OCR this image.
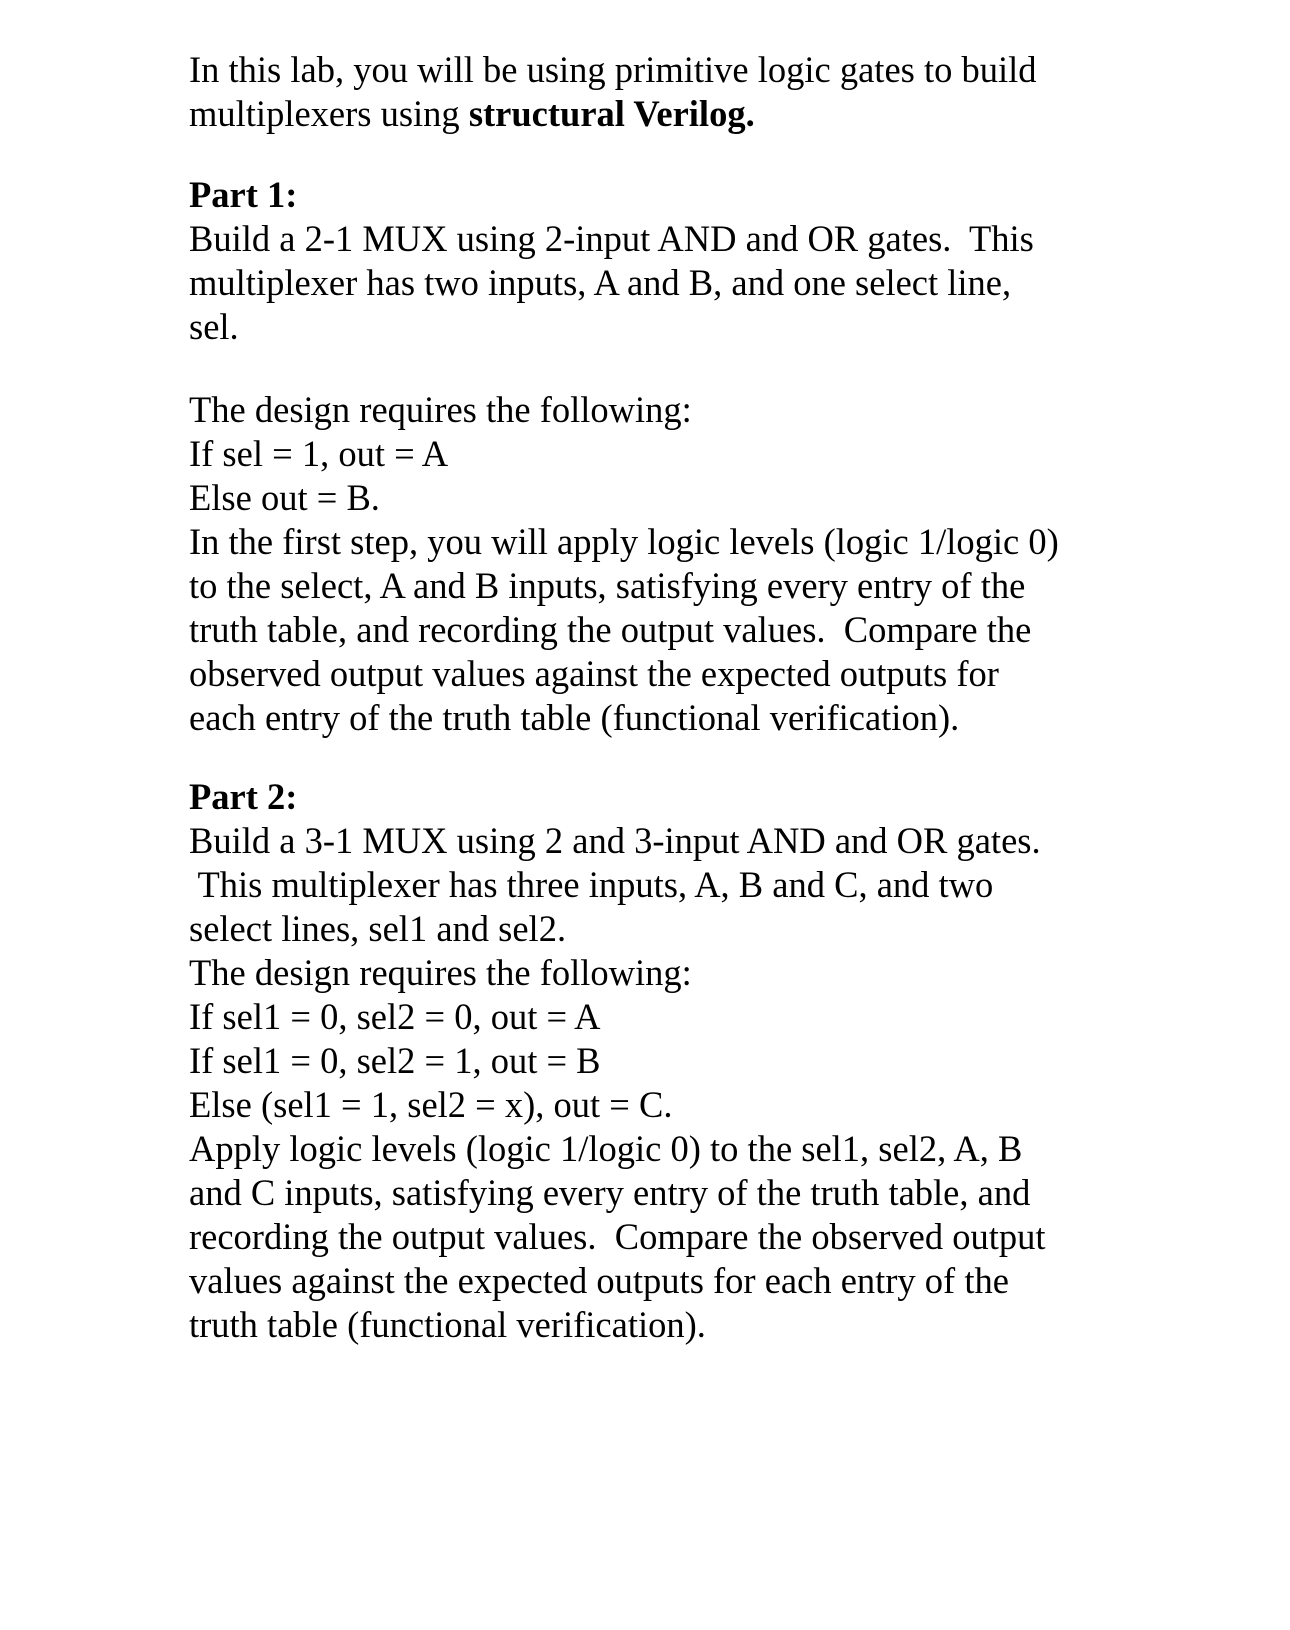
In this lab, you will be using primitive logic gates to build
multiplexers using structural Verilog.
Part 1:
Build a 2-1 MUX using 2-input AND and OR gates.  This
multiplexer has two inputs, A and B, and one select line,
sel.
The design requires the following:
If sel = 1, out = A
Else out = B.
In the first step, you will apply logic levels (logic 1/logic 0)
to the select, A and B inputs, satisfying every entry of the
truth table, and recording the output values.  Compare the
observed output values against the expected outputs for
each entry of the truth table (functional verification).
Part 2:
Build a 3-1 MUX using 2 and 3-input AND and OR gates.
This multiplexer has three inputs, A, B and C, and two
select lines, sel1 and sel2.
The design requires the following:
If sel1 = 0, sel2 = 0, out = A
If sel1 = 0, sel2 = 1, out = B
Else (sel1 = 1, sel2 = x), out = C.
Apply logic levels (logic 1/logic 0) to the sel1, sel2, A, B
and C inputs, satisfying every entry of the truth table, and
recording the output values.  Compare the observed output
values against the expected outputs for each entry of the
truth table (functional verification).
